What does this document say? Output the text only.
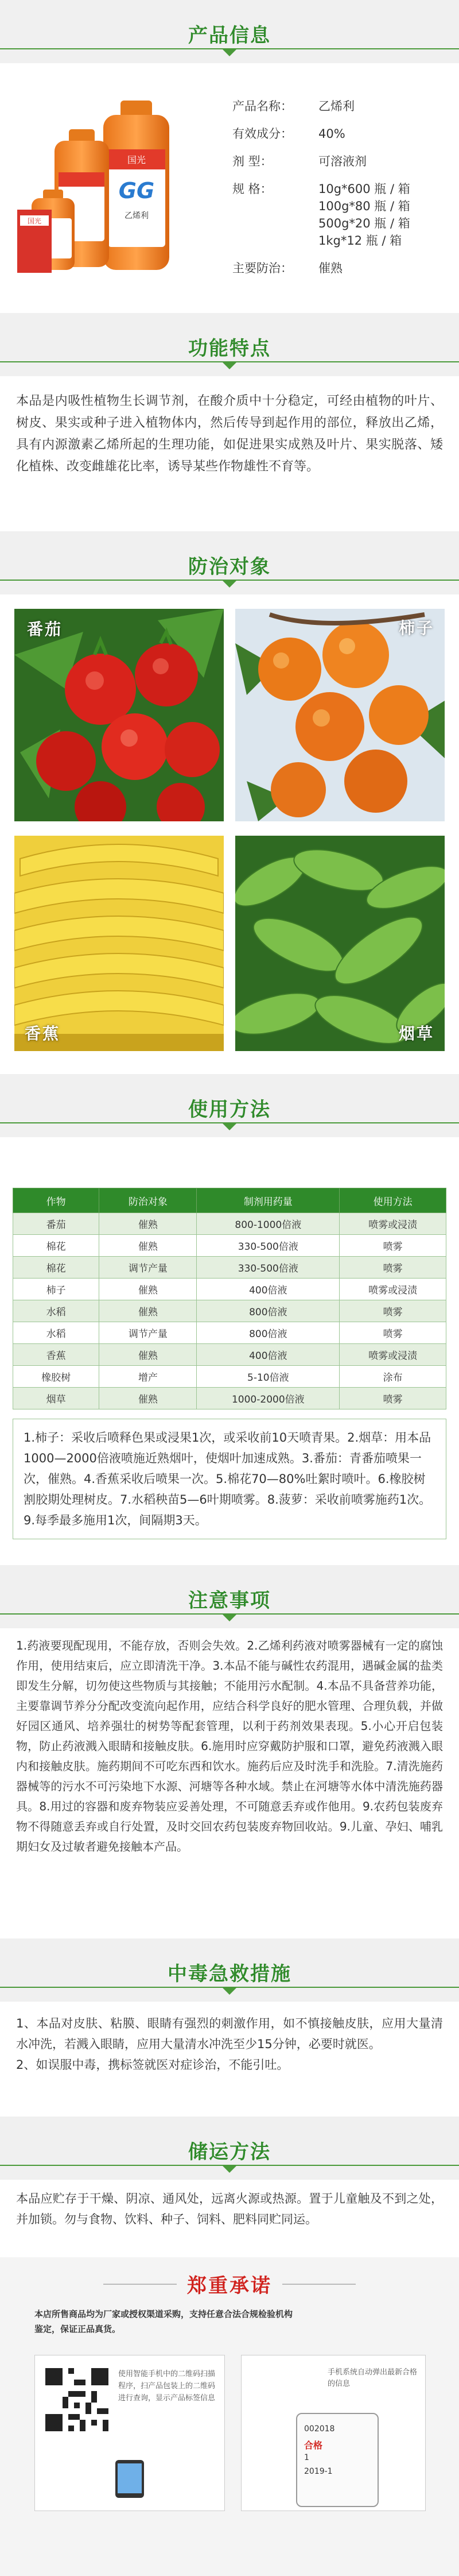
产品信息
国光
GG
乙烯利
国光
产品名称：	乙烯利
有效成分：	40%
剂 型：	可溶液剂
规 格：	10g*600 瓶 / 箱
100g*80 瓶 / 箱
500g*20 瓶 / 箱
1kg*12 瓶 / 箱
主要防治：	催熟
功能特点
本品是内吸性植物生长调节剂，在酸介质中十分稳定，可经由植物的叶片、树皮、果实或种子进入植物体内，然后传导到起作用的部位，释放出乙烯，具有内源激素乙烯所起的生理功能，如促进果实成熟及叶片、果实脱落、矮化植株、改变雌雄花比率，诱导某些作物雄性不育等。
防治对象
番茄	柿子
香蕉	烟草
使用方法
作物	防治对象	制剂用药量	使用方法
番茄	催熟	800-1000倍液	喷雾或浸渍
棉花	催熟	330-500倍液	喷雾
棉花	调节产量	330-500倍液	喷雾
柿子	催熟	400倍液	喷雾或浸渍
水稻	催熟	800倍液	喷雾
水稻	调节产量	800倍液	喷雾
香蕉	催熟	400倍液	喷雾或浸渍
橡胶树	增产	5-10倍液	涂布
烟草	催熟	1000-2000倍液	喷雾
1.柿子：采收后喷释色果或浸果1次，或采收前10天喷青果。2.烟草：用本品1000—2000倍液喷施近熟烟叶，使烟叶加速成熟。3.番茄：青番茄喷果一次，催熟。4.香蕉采收后喷果一次。5.棉花70—80%吐絮时喷叶。6.橡胶树割胶期处理树皮。7.水稻秧苗5—6叶期喷雾。8.菠萝：采收前喷雾施药1次。9.每季最多施用1次，间隔期3天。
注意事项
1.药液要现配现用，不能存放，否则会失效。2.乙烯利药液对喷雾器械有一定的腐蚀作用，使用结束后，应立即清洗干净。3.本品不能与碱性农药混用，遇碱金属的盐类即发生分解，切勿使这些物质与其接触；不能用污水配制。4.本品不具备营养功能，主要靠调节养分分配改变流向起作用，应结合科学良好的肥水管理、合理负载，并做好园区通风、培养强壮的树势等配套管理，以利于药剂效果表现。5.小心开启包装物，防止药液溅入眼睛和接触皮肤。6.施用时应穿戴防护服和口罩，避免药液溅入眼内和接触皮肤。施药期间不可吃东西和饮水。施药后应及时洗手和洗脸。7.清洗施药器械等的污水不可污染地下水源、河塘等各种水域。禁止在河塘等水体中清洗施药器具。8.用过的容器和废弃物装应妥善处理，不可随意丢弃或作他用。9.农药包装废弃物不得随意丢弃或自行处置，及时交回农药包装废弃物回收站。9.儿童、孕妇、哺乳期妇女及过敏者避免接触本产品。
中毒急救措施
1、本品对皮肤、粘膜、眼睛有强烈的刺激作用，如不慎接触皮肤，应用大量清水冲洗，若溅入眼睛，应用大量清水冲洗至少15分钟，必要时就医。
2、如误服中毒，携标签就医对症诊治，不能引吐。
储运方法
本品应贮存于干燥、阴凉、通风处，远离火源或热源。置于儿童触及不到之处，并加锁。勿与食物、饮料、种子、饲料、肥料同贮同运。
郑重承诺
本店所售商品均为厂家或授权渠道采购，支持任意合法合规检验机构
鉴定，保证正品真货。
使用智能手机中的二维码扫描程序，扫产品包装上的二维码进行查询，显示产品标签信息
手机系统自动弹出最新合格的信息
002018
合格
1
2019-1
